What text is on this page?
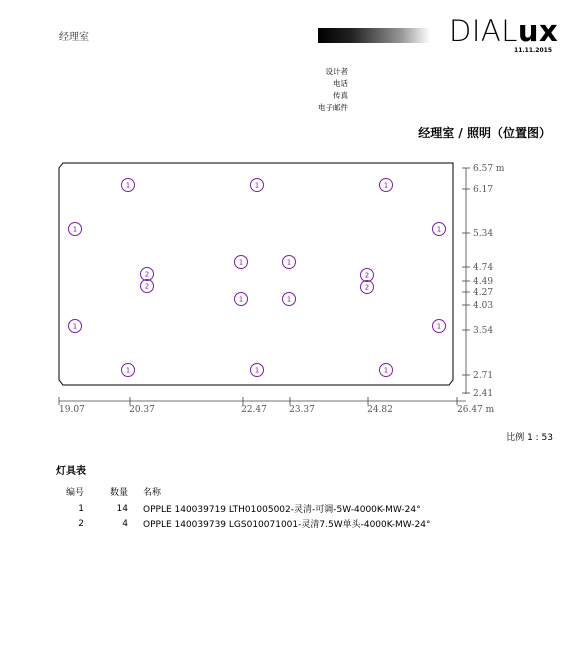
经理室	DIALux
11.11.2015
设计者
电话
传真
电子邮件
经理室 / 照明（位置图）
6.57 m
6.17
5.34
4.74
4.49
4.27
4.03
3.54
2.71
2.41
19.07	20.37	22.47 23.37	24.82	26.47 m
1	1	1
1	1
2
1	1
2
2	2
1	1
1	1
1	1	1
比例 1 : 53
灯具表
编号	数量	名称
1	14	OPPLE 140039719 LTH01005002-灵清-可调-5W-4000K-MW-24°
2	4	OPPLE 140039739 LGS010071001-灵清7.5W单头-4000K-MW-24°
